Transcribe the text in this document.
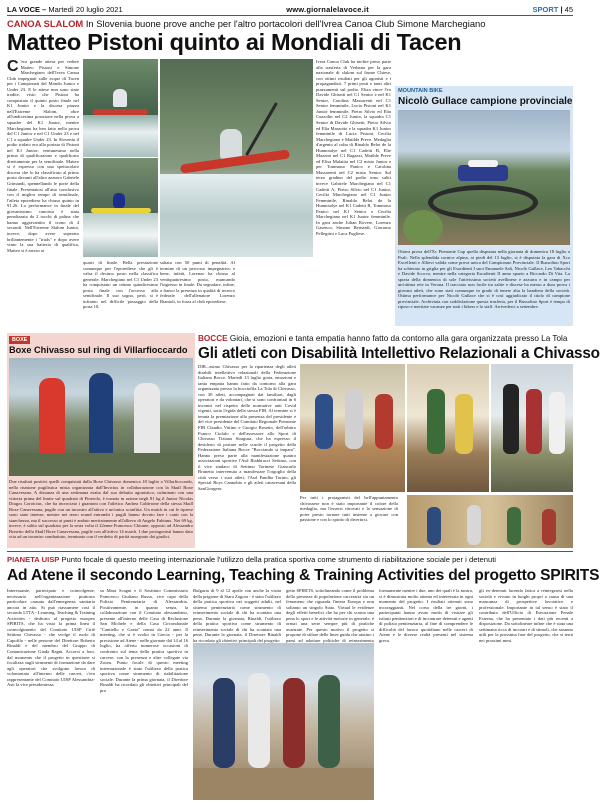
LA VOCE – Martedì 20 luglio 2021	www.giornalelavoce.it	SPORT | 45
CANOA SLALOM In Slovenia buone prove anche per l'altro portacolori dell'Ivrea Canoa Club Simone Marchegiano
Matteo Pistoni quinto ai Mondiali di Tacen
C 'era grande attesa per vedere Matteo Pistoni e Simone Marchegiano dell'Ivrea Canoa Club impegnati sulle acque di Tacen per i Campionati del Mondo Junior e Under 23. E le attese non sono state tradite, visto che Pistoni ha conquistato il quinto posto finale nel K1 Junior e la discesa piazza nell'Extreme Slalom, oltre all'undicesima posizione nella prova a squadre del K1 Junior, mentre Marchegiano ha ben fatto nella prova del C1 Junior e nel C1 Under 23 e nel C1 a squadre Under 23. In Slovenia il podio iridato era alla portata di Pistoni nel K1 Junior: ventunesimo nella prima di qualificazione e qualificato direttamente per la semifinale, Matteo si è espresso con una spettacolare discesa che lo ha classificato al primo posto davanti all'altro azzurro Gabriele Grimandi, spennellando le porte della finale. Presentatosi all'atto conclusivo con il miglior tempo di semifinale, l'atleta eporediese ha chiuso quinto in 91.26. La performance in finale del giovanissimo canoista è stata penalizzata da 2 tocchi di palina che hanno aggravantito il crono di 4 secondi. Nell'Extreme Slalom Junior, invece, dopo avere superato brillantemente i "trials" e dopo avere vinto la sua batteria di qualifica, Matteo si è arreso ai
quarti di finale. Bella prestazione comunque per l'eporediese che gli è valsa il decimo posto nella classifica generale. Marchegiano nel C1 Under 23 ha conquistato un ottimo quindicesimo posto finale con l'accesso alla semifinale. Il suo sogno, però, si è infranto nel difficile passaggio della porta 10,
saltata con 50 punti di penalità. Al termine di un percorso impegnativo e bene, infatti, Lorenzo ha chiuso al ventiquattresimo posto, mancando l'ingresso in finale. Da segnalare, infine, a fianco la presenza in qualità di tecnico federale dell'allenatore Lorenzo Bianioli, in forza al club eporediese.
Ivrea Canoa Club ha inoltre preso parte alla trasferta di Verbano per la gara nazionale di slalom sul fiume Chiese, con ottimi risultati per gli agonisti e i propagandisti. 7 primi posti e tanti altri piazzamenti sul podio. Eliza vince l'ex Davide Ghisetti nel C1 Senior e nel K1 Senior, Carolina Massarenti nel C1 Senior femminile, Lucia Pistoni nel K1 Junior femminile, Pietro Silvio ed Elia Cuzzolin nel C2 Junior, la squadra C1 Senior di Davide Ghisetti, Pietro Silvio ed Elia Marzotto e la squadra K1 Junior femminile di Lucia Pistoni, Cecilia Marchegiano e Matilde Preve. Medaglia d'argento al cubo di Rinaldo Belot de la Hunnotalye nel C1 Cadetti B, Elie Mazzini nel C1 Ragazzi, Matilde Preve ed Elisa Malattia nel C2 misto Junior e per Tommaso Panico e Carolina Massarenti nel C2 misto Senior. Sul terzo gradino del podio sono saliti invece Gabriele Marchegiano nel C1 Cadetti A, Pietro Silvio nel C1 Junior, Cecilia Marchegiano nel C1 Junior Femminile, Rinaldo Belot de la Hunnotalye nel K1 Cadetti B, Tommaso Panico nel K1 Senior e Cecilia Marchegiano nel K1 Junior femminile. In gara anche Julian Rovere, Lorenzo Gasenco, Simone Bernardi, Giacomo Pellegrini e Luca Pugliese.
MOUNTAIN BIKE
Nicolò Gullace campione provinciale
Ottava prova dell'Xc Piemonte Cup quella disputata nella giornata di domenica 18 luglio a Prali. Nella splendida cornice alpina, ai piedi del 13 luglio, si è disputata la gara di Xco Excellenti e Allievi valida come prova unica del Campionato Provinciale. Il Bussolino Sport ha schierato in griglia per gli Esordienti I suoi Emanuele Sali, Nicolò Gullace, Leo Tabacchi e Davide Scocco, mentre nella categoria Esordienti II anno spazio a Riccardo Di Vita. La sporta della domenica di sole l'attivissima società avellinese e azzurra e in campo per un'ottima rete in Verona. Il tracciato non facile tra salite e discese ha messo a dura prova i giovani atleti, che sono stati comunque in grado di tenere alta la bandiera della società. Ottima performance per Nicolò Gullace che si è così aggiudicato il titolo di campione provinciale. Archiviata con soddisfazione questa trasferta, per il Bussolino Sport è tempo di riposo e meritate vacanze per tutti i bikers e lo staff. Arrivederci a settembre.
BOXE
Boxe Chivasso sul ring di Villarfioccardo
Due risultati positivi quelli conquistati dalla Boxe Chivasso domenica 18 luglio a Villarfioccardo, nella riunione pugilistica mista organizzata dall'Invictus in collaborazione con la Skull Boxe Canavesana. A distanza di una settimana esatta dal suo debutto agonistico, culminato con una vittoria prima del limite sul quadrato di Pinerolo, è tornato in azione negli 81 kg il Junior Nicolas Dragos Coroiciuc, che ha incrociato i guantoni con l'atletico Andrea Calderone della stessa Skull Boxe Canavesana, pugile con un incontro all'attivo e un'unica sconfitta. Un match in cui le riprese sono state intense, mentre nei terzo round entrambi i pugili hanno dovuto fare i conti con la stanchezza, ma il successo ai punti è andato meritatamente all'allievo di Angelo Fabiano. Nei 69 kg, invece, è salito sul quadrato per la sesta volta il 22enne Francesco Chionte, opposto ad Alessandro Bonetto della Skull Boxe Canavesana, pugile con all'attivo 14 match. I due protagonisti hanno dato vita ad un incontro combattuto, terminato con il verdetto di parità assegnato dai giudici.
BOCCE Gioia, emozioni e tanta empatia hanno fatto da contorno alla gara organizzata presso La Tola
Gli atleti con Disabilità Intellettivo Relazionali a Chivasso
DIR...asimo Chivasso per la ripartenza degli atleti disabili intellettivo relazionali della Federazione Italiana Bocce. Martedì 13 luglio gioia, emozioni e tanta empatia hanno fatto da contorno alla gara organizzata presso la bocciofila La Tola di Chivasso, con 30 atleti, accompagnati dai familiari, dagli operatori e da volontari, che si sono confrontati in 6 incontri nel rispetto delle normative anti Covid vigenti, sotto l'egida della stessa FIB. Al termine si è tenuta la premiazione alla presenza del presidente e del vice presidente del Comitato Regionale Piemonte FIB Claudio Vittino e Giorgio Rosetto, dell'arbitro Franco Ciofalo e dell'assessore allo Sport di Chivasso Tiziana Siragusa, che ha espresso il desiderio di portare nelle scuole il progetto della Federazione Italiana Bocce "Bocciando si impara". Hanno preso parte alla manifestazione quattro associazioni sportive l'Asd Riabbracci Settimo, con il vice sindaco di Settimo Torinese Giancarlo Brunetto intervenuto a manifestare l'orgoglio della città verso i suoi atleti, l'Asd Pandha Torino, gli Special Boys Cannobio e gli atleti canavesani della SanGiorgese.
Per tutti i protagonisti del bell'appuntamento chivassese non è stato importante il colore della medaglia, ma l'essersi ritrovati e la sensazione di poter presto tornare tutti insieme a giocare con passione e con lo spirito di divertirsi.
PIANETA UISP Punto focale di questo meeting internazionale l'utilizzo della pratica sportiva come strumento di riabilitazione sociale per i detenuti
Ad Atene il secondo Learning, Teaching & Training Activities del progetto SPIRITS
Interessante, partecipato e coinvolgente, necessario nell'organizzazione piuttosto particolare causata dall'emergenza sanitaria ancora in atto. Si può riassumere così il secondo LTTA - Learning, Teaching & Training Activities - dedicato al progetto europeo SPIRITS, che ha visto la prima linea il coinvolgimento del Comitato UISP Ciriè Settimo Chivasso - che svolge il ruolo di Capofila - nelle persone del Direttore Roberto Rinaldi e del membro del Gruppo di Comunicazione Giada Ragni. Accorsi a loro, dal momento che il progetto in questione si focalizza sugli strumenti di formazione da dare agli operatori che svolgono lavoro di volontariato all'interno delle carceri, c'era rappresentante del Comitato UISP Alessandria-Asti la vice presidentessa
sa Mara Scagni e il Sostituto Commissario Francesco Giuliano Russo, vice capo della Polizia Penitenziaria di Alessandria. Positivamente, in quanto senza, la collaborazione con il Comitato alessandrino, presente all'interno delle Casa di Reclusione San Michele e della Casa Circondariale "Cantiello e Gaeta" ormai da 22 anni. Il meeting, che si è svolto in Grecia - per la precisione ad Atene - nelle giornate dal 14 al 16 luglio, ha offerto numerose occasioni di confronto sul tema della pratica sportiva in carcere, con la presenza e altre collegate via Zoom. Punto focale di questo meeting internazionale è stato l'utilizzo della pratica sportiva come strumento di riabilitazione sociale. Durante la prima giornata, il Direttore Rinaldi ha ricordato gli obiettivi principali del pro
Bulgaria di 9 al 12 aprile con anche la visita della prigione di Stara Zagora - è stato l'utilizzo della pratica sportiva nei soggetti adulti, nel sistema penitenziario come strumento di reinserimento sociale di chi ha scontato una pena. Durante la giornata, Rinaldi, l'utilizzo della pratica sportiva come strumento di reinserimento sociale di chi ha scontato una pena. Durante la giornata, il Direttore Rinaldi ha ricordato gli obiettivi principali del progetto
getto SPIRITS, sottolineando come il problema della presenza di popolazione carceraria sia un fenomeno che riguarda l'intera Europa e non soltanto un singolo Stato. Virtual le evidenze degli effetti benefici che ha per chi sconta una pena lo sport e le attività motorie in generale, è ormai una serie sempre più di pratiche avanzate. Per questo motivo il progetto si propone di stilare delle linee guida che aiutino i paesi ad adottare politiche di reinserimento
formamente mentre i due, uno dei quali è la nostra, si è dimostrata molto attenta ed interessata in ogni momento del progetto. I risultati ottenuti sono incoraggianti. Nel corso della tre giorni, i partecipanti hanno avuto modo di visitare gli istituti penitenziari e di incontrare detenuti e agenti di polizia penitenziaria, al fine di comprendere le difficoltà del lavoro quotidiano nelle carceri di Atene e le diverse realtà presenti nel sistema greco.
gli ex-detenuti facendo fatica a reintegrarsi nella società e vivono in luoghi propri a causa di una mancanza di prospettive lavorative e professionale. Importante in tal senso è stato il contributo dell'Ufficio di Esecuzione Penale Esterna, che ha presentato i dati più recenti a disposizione. Da sottolineare infine che è stata una settimana ricca di incontri e di stimoli, che saranno utili per la prossima fase del progetto, che si terrà nei prossimi mesi.
